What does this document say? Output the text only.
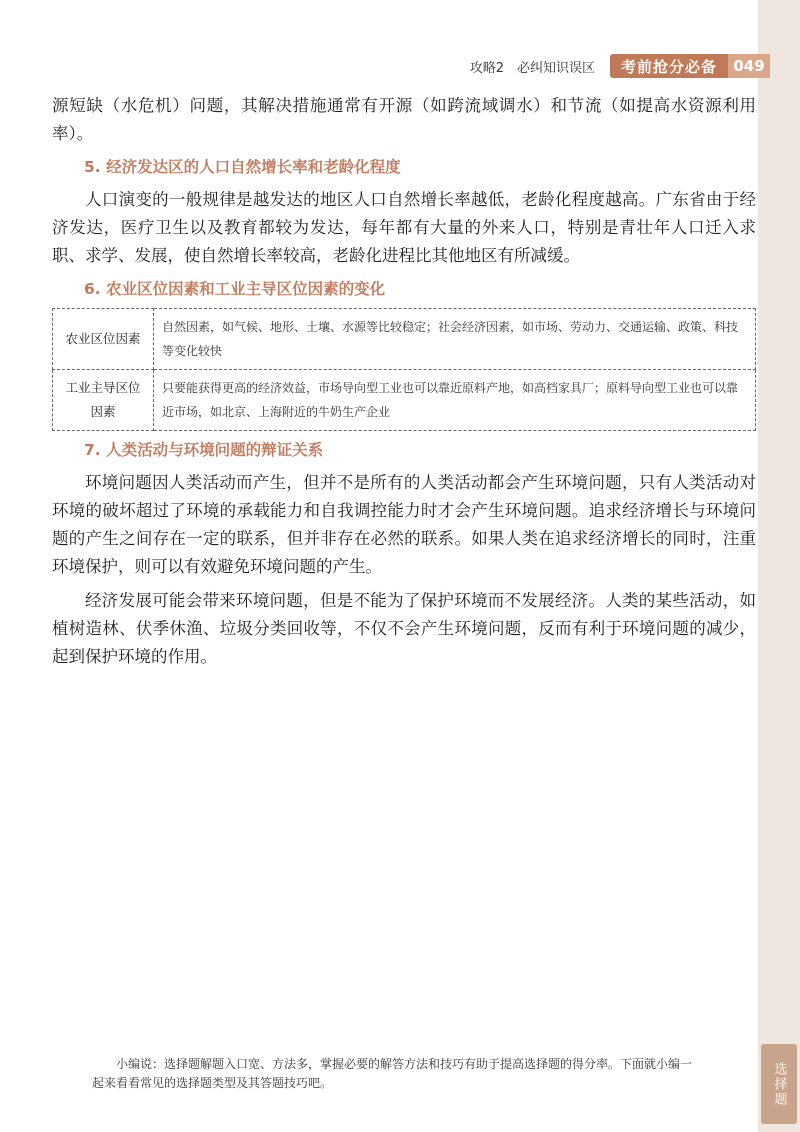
选择题
攻略2　必纠知识误区	考前抢分必备	049

源短缺（水危机）问题，其解决措施通常有开源（如跨流域调水）和节流（如提高水资源利用率）。

5. 经济发达区的人口自然增长率和老龄化程度

人口演变的一般规律是越发达的地区人口自然增长率越低，老龄化程度越高。广东省由于经济发达，医疗卫生以及教育都较为发达，每年都有大量的外来人口，特别是青壮年人口迁入求职、求学、发展，使自然增长率较高，老龄化进程比其他地区有所减缓。

6. 农业区位因素和工业主导区位因素的变化
农业区位因素	自然因素，如气候、地形、土壤、水源等比较稳定；社会经济因素，如市场、劳动力、交通运输、政策、科技等变化较快
工业主导区位因素	只要能获得更高的经济效益，市场导向型工业也可以靠近原料产地，如高档家具厂；原料导向型工业也可以靠近市场，如北京、上海附近的牛奶生产企业
7. 人类活动与环境问题的辩证关系

环境问题因人类活动而产生，但并不是所有的人类活动都会产生环境问题，只有人类活动对环境的破坏超过了环境的承载能力和自我调控能力时才会产生环境问题。追求经济增长与环境问题的产生之间存在一定的联系，但并非存在必然的联系。如果人类在追求经济增长的同时，注重环境保护，则可以有效避免环境问题的产生。

经济发展可能会带来环境问题，但是不能为了保护环境而不发展经济。人类的某些活动，如植树造林、伏季休渔、垃圾分类回收等，不仅不会产生环境问题，反而有利于环境问题的减少，起到保护环境的作用。

小编说：选择题解题入口宽、方法多，掌握必要的解答方法和技巧有助于提高选择题的得分率。下面就小编一起来看看常见的选择题类型及其答题技巧吧。
